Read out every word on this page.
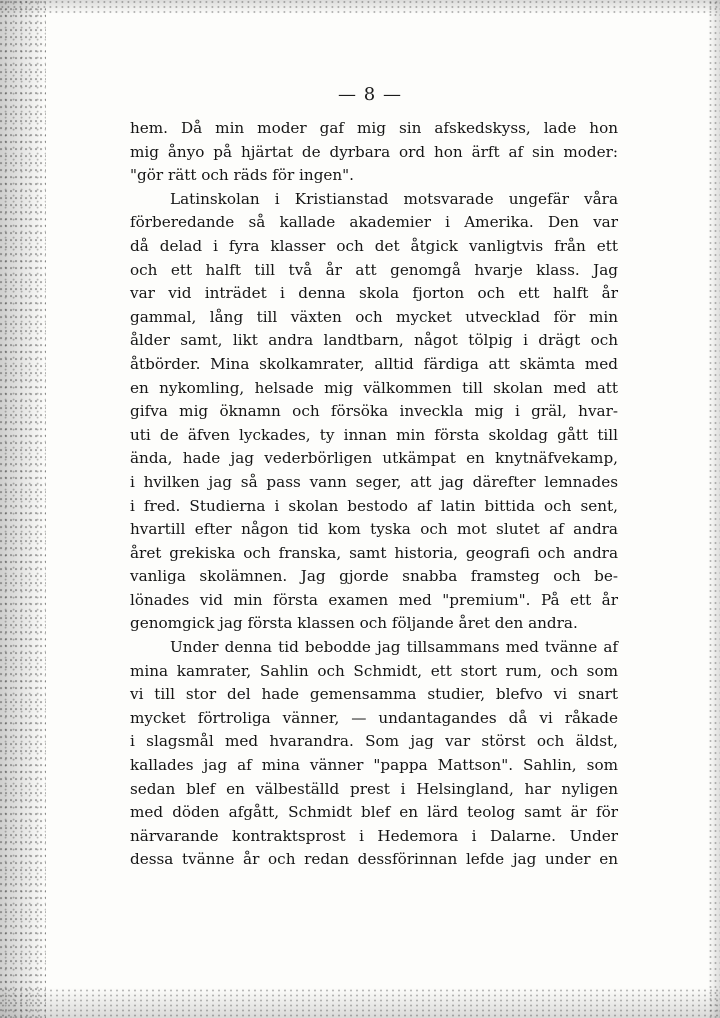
— 8 —
hem. Då min moder gaf mig sin afskedskyss, lade hon
mig ånyo på hjärtat de dyrbara ord hon ärft af sin moder:
"gör rätt och räds för ingen".
Latinskolan i Kristianstad motsvarade ungefär våra
förberedande så kallade akademier i Amerika. Den var
då delad i fyra klasser och det åtgick vanligtvis från ett
och ett halft till två år att genomgå hvarje klass. Jag
var vid inträdet i denna skola fjorton och ett halft år
gammal, lång till växten och mycket utvecklad för min
ålder samt, likt andra landtbarn, något tölpig i drägt och
åtbörder. Mina skolkamrater, alltid färdiga att skämta med
en nykomling, helsade mig välkommen till skolan med att
gifva mig öknamn och försöka inveckla mig i gräl, hvar-
uti de äfven lyckades, ty innan min första skoldag gått till
ända, hade jag vederbörligen utkämpat en knytnäfvekamp,
i hvilken jag så pass vann seger, att jag därefter lemnades
i fred. Studierna i skolan bestodo af latin bittida och sent,
hvartill efter någon tid kom tyska och mot slutet af andra
året grekiska och franska, samt historia, geografi och andra
vanliga skolämnen. Jag gjorde snabba framsteg och be-
lönades vid min första examen med "premium". På ett år
genomgick jag första klassen och följande året den andra.
Under denna tid bebodde jag tillsammans med tvänne af
mina kamrater, Sahlin och Schmidt, ett stort rum, och som
vi till stor del hade gemensamma studier, blefvo vi snart
mycket förtroliga vänner, — undantagandes då vi råkade
i slagsmål med hvarandra. Som jag var störst och äldst,
kallades jag af mina vänner "pappa Mattson". Sahlin, som
sedan blef en välbeställd prest i Helsingland, har nyligen
med döden afgått, Schmidt blef en lärd teolog samt är för
närvarande kontraktsprost i Hedemora i Dalarne. Under
dessa tvänne år och redan dessförinnan lefde jag under en
